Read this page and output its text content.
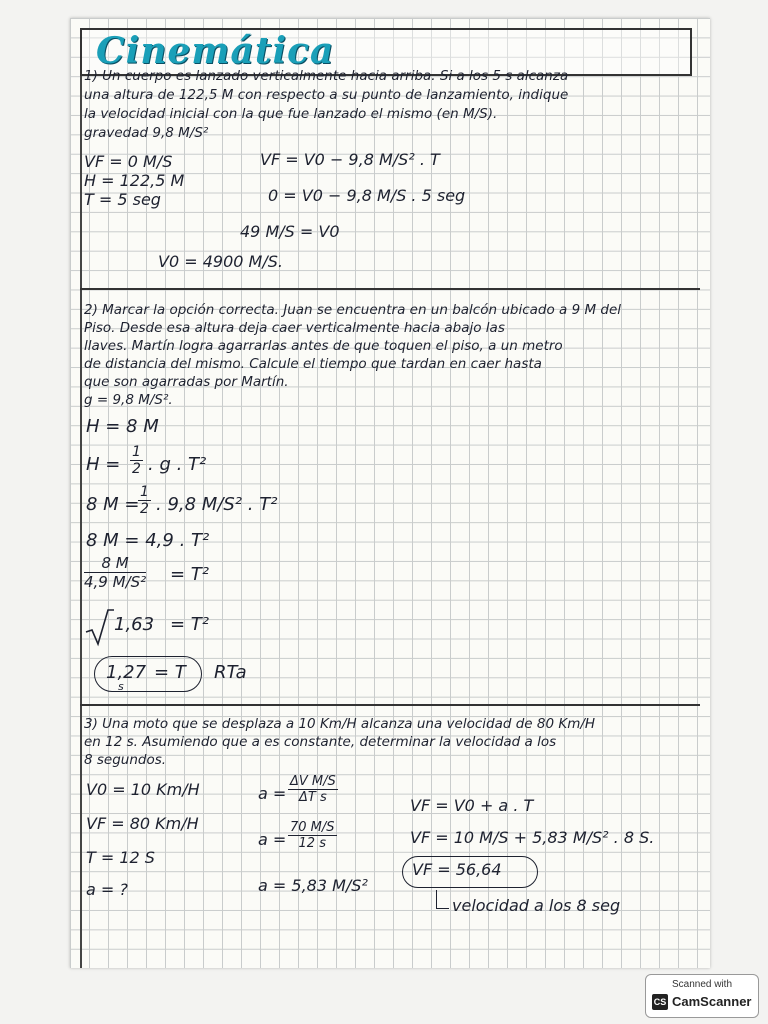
Cinemática
1) Un cuerpo es lanzado verticalmente hacia arriba. Si a los 5 s alcanza
una altura de 122,5 M con respecto a su punto de lanzamiento, indique
la velocidad inicial con la que fue lanzado el mismo (en M/S).
gravedad 9,8 M/S²
VF = 0 M/S
H = 122,5 M
T = 5 seg
VF = V0 − 9,8 M/S² . T
0 = V0 − 9,8 M/S . 5 seg
49 M/S = V0
V0 = 4900 M/S.
2) Marcar la opción correcta. Juan se encuentra en un balcón ubicado a 9 M del
Piso. Desde esa altura deja caer verticalmente hacia abajo las
llaves. Martín logra agarrarlas antes de que toquen el piso, a un metro
de distancia del mismo. Calcule el tiempo que tardan en caer hasta
que son agarradas por Martín.
g = 9,8 M/S².
H = 8 M
$H = \frac{1}{2}$ . g . T²
8 M =
$\frac{1}{2}$ . 9,8 M/S² . T²
8 M = 4,9 . T²
$\frac{8 M}{\text{4,9 M/S²}} = T^2$
1,63 = T²
1,27
s
= T RTa
3) Una moto que se desplaza a 10 Km/H alcanza una velocidad de 80 Km/H
en 12 s. Asumiendo que a es constante, determinar la velocidad a los
8 segundos.
V0 = 10 Km/H
VF = 80 Km/H
T = 12 S
a = ?
$a = \frac{\text{ΔV M/S}}{\text{ΔT s}}$
$a = \frac{70 M/S}{12 s}$
a = 5,83 M/S²
VF = V0 + a . T
VF = 10 M/S + 5,83 M/S² . 8 S.
VF = 56,64
velocidad a los 8 seg
Scanned with
CS CamScanner
